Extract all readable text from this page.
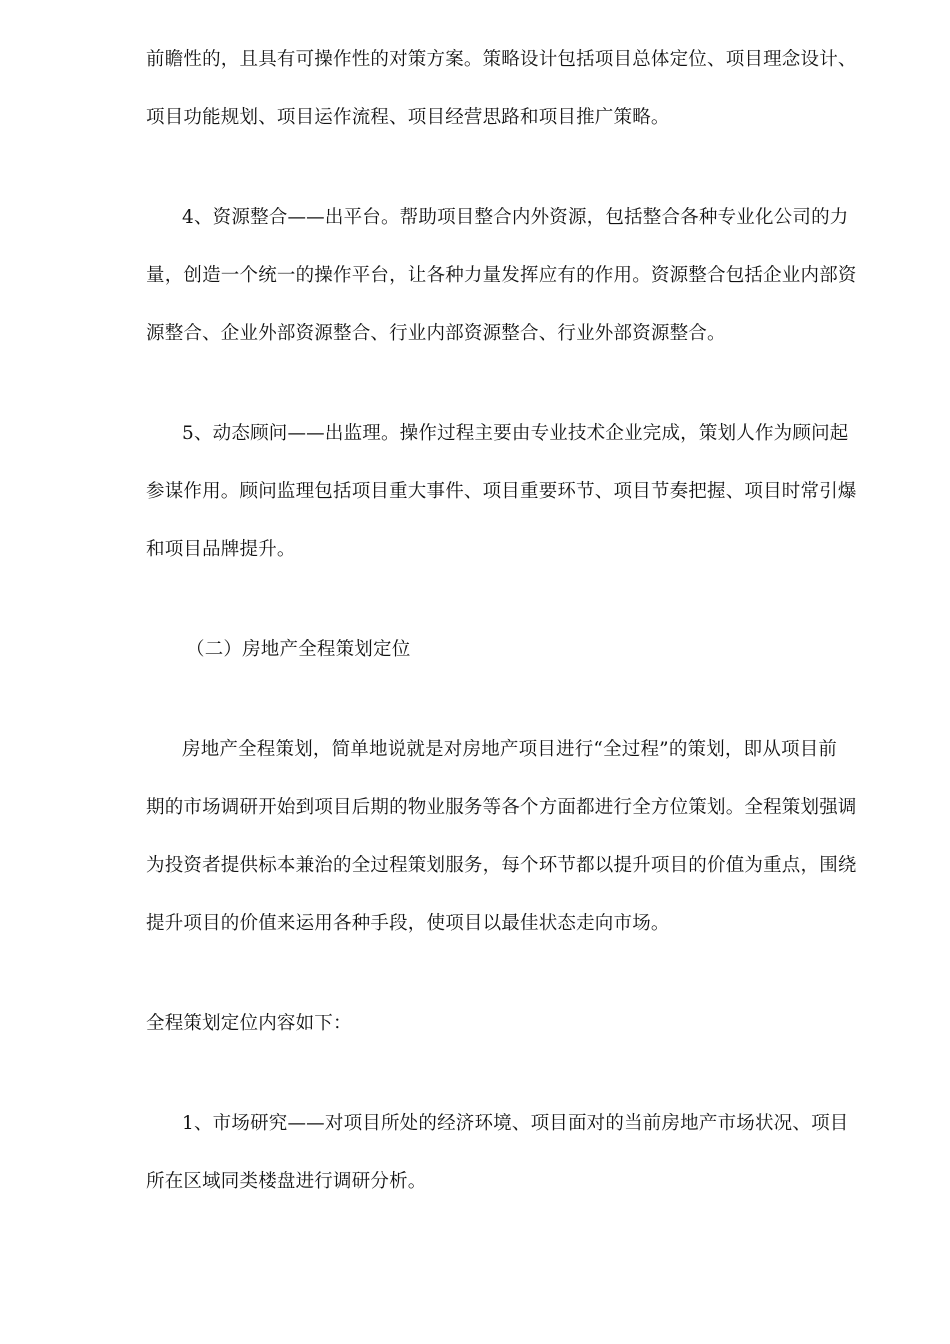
前瞻性的，且具有可操作性的对策方案。策略设计包括项目总体定位、项目理念设计、
项目功能规划、项目运作流程、项目经营思路和项目推广策略。
4、资源整合——出平台。帮助项目整合内外资源，包括整合各种专业化公司的力
量，创造一个统一的操作平台，让各种力量发挥应有的作用。资源整合包括企业内部资
源整合、企业外部资源整合、行业内部资源整合、行业外部资源整合。
5、动态顾问——出监理。操作过程主要由专业技术企业完成，策划人作为顾问起
参谋作用。顾问监理包括项目重大事件、项目重要环节、项目节奏把握、项目时常引爆
和项目品牌提升。
（二）房地产全程策划定位
房地产全程策划，简单地说就是对房地产项目进行“全过程”的策划，即从项目前
期的市场调研开始到项目后期的物业服务等各个方面都进行全方位策划。全程策划强调
为投资者提供标本兼治的全过程策划服务，每个环节都以提升项目的价值为重点，围绕
提升项目的价值来运用各种手段，使项目以最佳状态走向市场。
全程策划定位内容如下：
1、市场研究——对项目所处的经济环境、项目面对的当前房地产市场状况、项目
所在区域同类楼盘进行调研分析。
